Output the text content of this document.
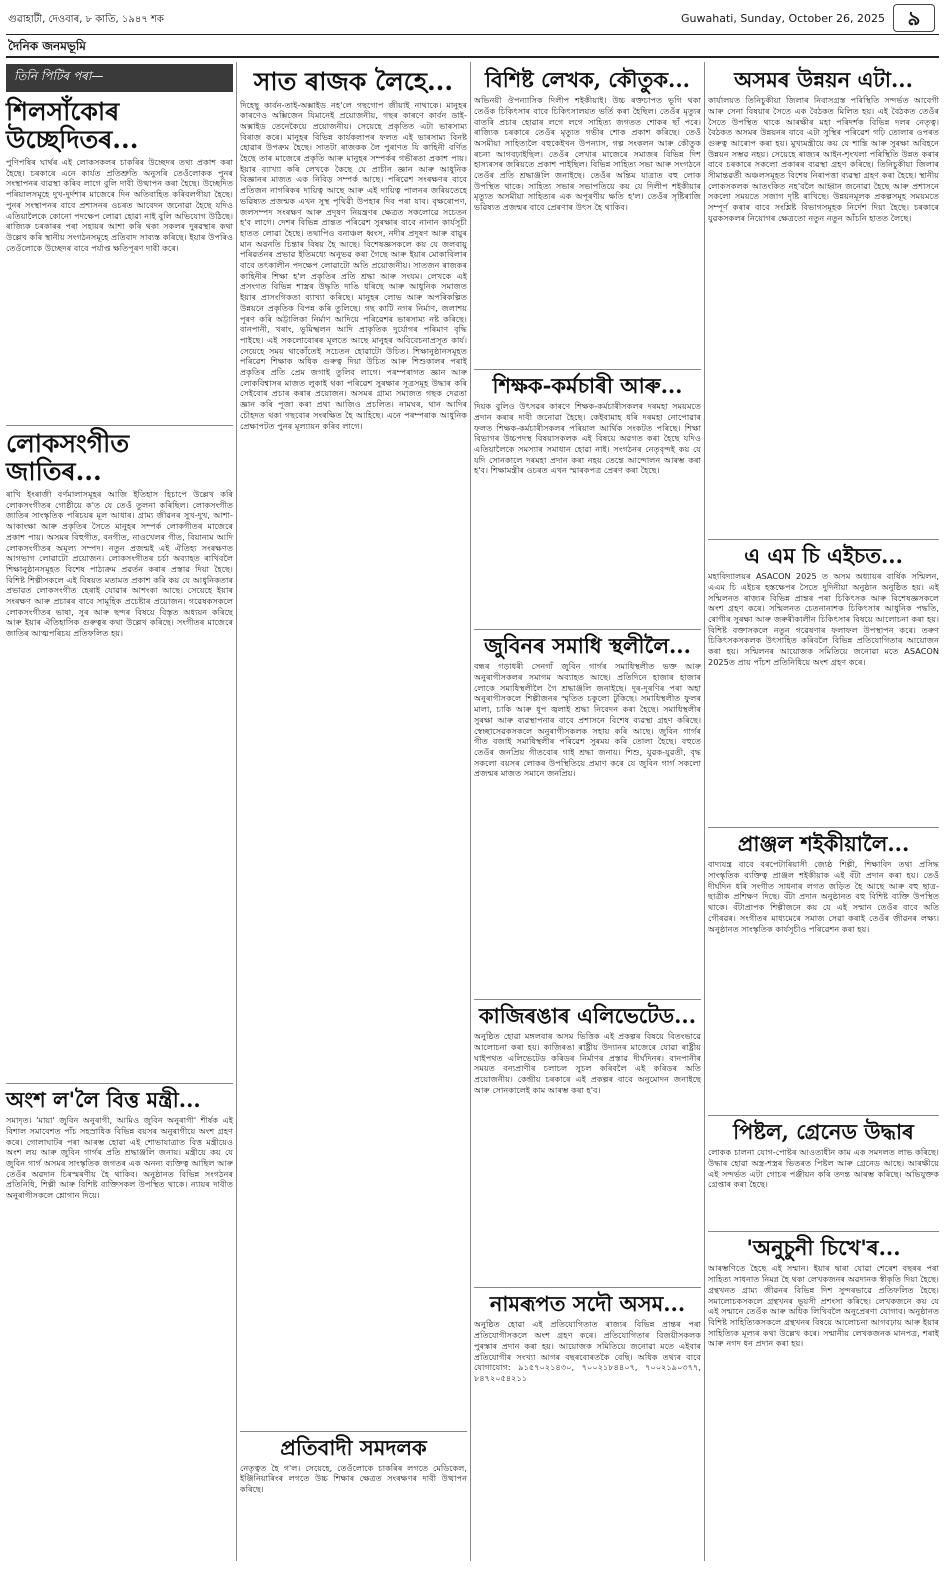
গুৱাহাটী, দেওবাৰ, ৮ কাতি, ১৯৪৭ শক	Guwahati, Sunday, October 26, 2025	৯
দৈনিক জনমভূমি
তিনি পিটিৰ পৰা—
শিলসাঁকোৰ উচ্ছেদিতৰ...

পুণিপষিৰ ঘাৰ্থৰ এই লোকসকলৰ চাকৰিৰ উচ্ছেদৰ তথ্য প্ৰকাশ কৰা হৈছে। চৰকাৰে এনে কাৰ্যত প্ৰতিশ্ৰুতি অনুসৰি তেওঁলোকক পুনৰ সংস্থাপনৰ ব্যৱস্থা কৰিব লাগে বুলি দাবী উত্থাপন কৰা হৈছে। উচ্ছেদিত পৰিয়ালসমূহে দুখ-দুৰ্দশাৰ মাজেৰে দিন অতিবাহিত কৰিবলগীয়া হৈছে। পুনৰ সংস্থাপনৰ বাবে প্ৰশাসনৰ ওচৰত আবেদন জনোৱা হৈছে যদিও এতিয়ালৈকে কোনো পদক্ষেপ লোৱা হোৱা নাই বুলি অভিযোগ উঠিছে। ৰাজ্যিক চৰকাৰৰ পৰা সহায়ৰ আশা কৰি থকা সকলৰ দুৰৱস্থাৰ কথা উল্লেখ কৰি স্থানীয় সংগঠনসমূহে প্ৰতিবাদ সাব্যস্ত কৰিছে। ইয়াৰ উপৰিও তেওঁলোকে উচ্ছেদৰ বাবে পৰ্যাপ্ত ক্ষতিপূৰণ দাবী কৰে।

লোকসংগীত জাতিৰ...

ৰাখি ইংৰাজী বৰ্ণমালাসমূহৰ আজি ইতিহাস হিচাপে উল্লেখ কৰি লোকসংগীতৰ গোষ্ঠীয়ে ক'ত যে তেওঁ তুলনা কৰিছিল। লোকসংগীত জাতিৰ সাংস্কৃতিক পৰিচয়ৰ মূল আধাৰ। গ্ৰাম্য জীৱনৰ সুখ-দুখ, আশা-আকাংক্ষা আৰু প্ৰকৃতিৰ সৈতে মানুহৰ সম্পৰ্ক লোকগীতৰ মাজেৰে প্ৰকাশ পায়। অসমৰ বিহুগীত, বনগীত, নাওখেলৰ গীত, বিয়ানাম আদি লোকসংগীতৰ অমূল্য সম্পদ। নতুন প্ৰজন্মই এই ঐতিহ্য সংৰক্ষণত আগভাগ লোৱাটো প্ৰয়োজন। লোকসংগীতৰ চৰ্চা অব্যাহত ৰাখিবলৈ শিক্ষানুষ্ঠানসমূহত বিশেষ পাঠ্যক্ৰম প্ৰৱৰ্তন কৰাৰ প্ৰস্তাৱ দিয়া হৈছে। বিশিষ্ট শিল্পীসকলে এই বিষয়ত মতামত প্ৰকাশ কৰি কয় যে আধুনিকতাৰ প্ৰভাৱত লোকসংগীত হেৰাই যোৱাৰ আশংকা আছে। সেয়েহে ইয়াৰ সংৰক্ষণ আৰু প্ৰচাৰৰ বাবে সামূহিক প্ৰচেষ্টাৰ প্ৰয়োজন। গৱেষকসকলে লোকসংগীতৰ ভাষা, সুৰ আৰু ছন্দৰ বিষয়ে বিস্তৃত অধ্যয়ন কৰিছে আৰু ইয়াৰ ঐতিহাসিক গুৰুত্বৰ কথা উল্লেখ কৰিছে। সংগীতৰ মাজেৰে জাতিৰ আত্মপৰিচয় প্ৰতিফলিত হয়।

অংশ ল'লৈ বিত্ত মন্ত্ৰী...

সমাদৃত। 'মায়া' জুবিন অনুৰাগী, আমিও জুবিন অনুৰাগী' শীৰ্ষক এই বিশাল সমাবেশত পাঁচ সহস্ৰাধিক বিভিন্ন বয়সৰ অনুৰাগীয়ে অংশ গ্ৰহণ কৰে। গোলাঘাটৰ পৰা আৰম্ভ হোৱা এই শোভাযাত্ৰাত বিত্ত মন্ত্ৰীয়েও অংশ লয় আৰু জুবিন গাৰ্গৰ প্ৰতি শ্ৰদ্ধাঞ্জলি জনায়। মন্ত্ৰীয়ে কয় যে জুবিন গাৰ্গ অসমৰ সাংস্কৃতিক জগতৰ এক অনন্য ব্যক্তিত্ব আছিল আৰু তেওঁৰ অৱদান চিৰস্মৰণীয় হৈ থাকিব। অনুষ্ঠানত বিভিন্ন সংগঠনৰ প্ৰতিনিধি, শিল্পী আৰু বিশিষ্ট ব্যক্তিসকল উপস্থিত থাকে। ন্যায়ৰ দাবীত অনুৰাগীসকলে শ্লোগান দিয়ে।

সাত ৰাজক লৈহে...

দিহেছু কাৰ্বন-তাই-অক্সাইড নহ'লে গছগোপ জীয়াই নাথাকে। মানুহৰ কাৰণেও অক্সিজেন যিমানেই প্ৰয়োজনীয়, গছৰ কাৰণে কাৰ্বন ডাই-অক্সাইড তেনেকৈয়ে প্ৰয়োজনীয়। সেয়েহে প্ৰকৃতিত এটা ভাৰসাম্য বিৰাজ কৰে। মানুহৰ বিভিন্ন কাৰ্যকলাপৰ ফলত এই ভাৰসাম্য বিনষ্ট হোৱাৰ উপক্ৰম হৈছে। সাতটা ৰাজকক লৈ পুৰাণত যি কাহিনী বৰ্ণিত হৈছে তাৰ মাজেৰে প্ৰকৃতি আৰু মানুহৰ সম্পৰ্কৰ গভীৰতা প্ৰকাশ পায়। ইয়াৰ ব্যাখ্যা কৰি লেখকে কৈছে যে প্ৰাচীন জ্ঞান আৰু আধুনিক বিজ্ঞানৰ মাজত এক নিবিড় সম্পৰ্ক আছে। পৰিৱেশ সংৰক্ষণৰ বাবে প্ৰতিজন নাগৰিকৰ দায়িত্ব আছে আৰু এই দায়িত্ব পালনৰ জৰিয়তেহে ভৱিষ্যত প্ৰজন্মক এখন সুস্থ পৃথিৱী উপহাৰ দিব পৰা যাব। বৃক্ষৰোপণ, জলসম্পদ সংৰক্ষণ আৰু প্ৰদূষণ নিয়ন্ত্ৰণৰ ক্ষেত্ৰত সকলোৱে সচেতন হ'ব লাগে। দেশৰ বিভিন্ন প্ৰান্তত পৰিৱেশ সুৰক্ষাৰ বাবে নানান কাৰ্যসূচী হাতত লোৱা হৈছে। তথাপিও বনাঞ্চল ধ্বংস, নদীৰ প্ৰদূষণ আৰু বায়ুৰ মান অৱনতি চিন্তাৰ বিষয় হৈ আছে। বিশেষজ্ঞসকলে কয় যে জলবায়ু পৰিৱৰ্তনৰ প্ৰভাৱ ইতিমধ্যে অনুভৱ কৰা গৈছে আৰু ইয়াৰ মোকাবিলাৰ বাবে তৎকালীন পদক্ষেপ লোৱাটো অতি প্ৰয়োজনীয়। সাতজন ৰাজকৰ কাহিনীৰ শিক্ষা হ'ল প্ৰকৃতিৰ প্ৰতি শ্ৰদ্ধা আৰু সংযম। লেখকে এই প্ৰসংগত বিভিন্ন শাস্ত্ৰৰ উদ্ধৃতি দাঙি ধৰিছে আৰু আধুনিক সমাজত ইয়াৰ প্ৰাসংগিকতা ব্যাখ্যা কৰিছে। মানুহৰ লোভ আৰু অপৰিকল্পিত উন্নয়নে প্ৰকৃতিক বিপন্ন কৰি তুলিছে। গছ কাটি নগৰ নিৰ্মাণ, জলাশয় পূৰণ কৰি অট্টালিকা নিৰ্মাণ আদিয়ে পৰিৱেশৰ ভাৰসাম্য নষ্ট কৰিছে। বানপানী, খৰাং, ভূমিস্খলন আদি প্ৰাকৃতিক দুৰ্যোগৰ পৰিমাণ বৃদ্ধি পাইছে। এই সকলোবোৰৰ মূলতে আছে মানুহৰ অবিবেচনাপ্ৰসূত কাৰ্য। সেয়েহে সময় থাকোঁতেই সচেতন হোৱাটো উচিত। শিক্ষানুষ্ঠানসমূহত পৰিৱেশ শিক্ষাক অধিক গুৰুত্ব দিয়া উচিত আৰু শিশুকালৰ পৰাই প্ৰকৃতিৰ প্ৰতি প্ৰেম জগাই তুলিব লাগে। পৰম্পৰাগত জ্ঞান আৰু লোকবিশ্বাসৰ মাজত লুকাই থকা পৰিৱেশ সুৰক্ষাৰ সূত্ৰসমূহ উদ্ধাৰ কৰি সেইবোৰ প্ৰচাৰ কৰাৰ প্ৰয়োজন। অসমৰ গ্ৰাম্য সমাজত গছক দেৱতা জ্ঞান কৰি পূজা কৰা প্ৰথা আজিও প্ৰচলিত। নামঘৰ, থান আদিৰ চৌহদত থকা গছবোৰ সংৰক্ষিত হৈ আহিছে। এনে পৰম্পৰাক আধুনিক প্ৰেক্ষাপটত পুনৰ মূল্যায়ন কৰিব লাগে।

প্ৰতিবাদী সমদলক

নেতৃত্বত হৈ গ'ল। সেয়েহে, তেওঁলোকে চাকৰিৰ লগতে মেডিকেল, ইঞ্জিনিয়াৰিংৰ লগতে উচ্চ শিক্ষাৰ ক্ষেত্ৰত সংৰক্ষণৰ দাবী উত্থাপন কৰিছে।

বিশিষ্ট লেখক, কৌতুক...

অভিনয়ী ঔপন্যাসিক দিলীপ শইকীয়াই। উচ্চ ৰক্তচাপত ভূগি থকা তেওঁক চিকিৎসাৰ বাবে চিকিৎসালয়ত ভৰ্তি কৰা হৈছিল। তেওঁৰ মৃত্যুৰ বাতৰি প্ৰচাৰ হোৱাৰ লগে লগে সাহিত্য জগতত শোকৰ ছাঁ পৰে। ৰাজ্যিক চৰকাৰে তেওঁৰ মৃত্যুত গভীৰ শোক প্ৰকাশ কৰিছে। তেওঁ অসমীয়া সাহিত্যলৈ বহুকেইখন উপন্যাস, গল্প সংকলন আৰু কৌতুক ৰচনা আগবঢ়াইছিল। তেওঁৰ লেখাৰ মাজেৰে সমাজৰ বিভিন্ন দিশ হাস্যৰসৰ জৰিয়তে প্ৰকাশ পাইছিল। বিভিন্ন সাহিত্য সভা আৰু সংগঠনে তেওঁৰ প্ৰতি শ্ৰদ্ধাঞ্জলি জনাইছে। তেওঁৰ অন্তিম যাত্ৰাত বহু লোক উপস্থিত থাকে। সাহিত্য সভাৰ সভাপতিয়ে কয় যে দিলীপ শইকীয়াৰ মৃত্যুত অসমীয়া সাহিত্যৰ এক অপূৰণীয় ক্ষতি হ'ল। তেওঁৰ সৃষ্টিৰাজি ভৱিষ্যত প্ৰজন্মৰ বাবে প্ৰেৰণাৰ উৎস হৈ থাকিব।

শিক্ষক-কৰ্মচাৰী আৰু...

দিয়ক বুলিও উৎসৱৰ কাৰণে শিক্ষক-কৰ্মচাৰীসকলৰ দৰমহা সময়মতে প্ৰদান কৰাৰ দাবী জনোৱা হৈছে। কেইবামাহ ধৰি দৰমহা নোপোৱাৰ ফলত শিক্ষক-কৰ্মচাৰীসকলৰ পৰিয়াল আৰ্থিক সংকটত পৰিছে। শিক্ষা বিভাগৰ উচ্চপদস্থ বিষয়াসকলক এই বিষয়ে অৱগত কৰা হৈছে যদিও এতিয়ালৈকে সমস্যাৰ সমাধান হোৱা নাই। সংগঠনৰ নেতৃবৃন্দই কয় যে যদি সোনকালে দৰমহা প্ৰদান কৰা নহয় তেন্তে আন্দোলন আৰম্ভ কৰা হ'ব। শিক্ষামন্ত্ৰীৰ ওচৰত এখন স্মাৰকপত্ৰ প্ৰেৰণ কৰা হৈছে।

জুবিনৰ সমাধি স্থলীলৈ...

বন্ধৰ গড়াধৰী সেনগাঁ জুবিন গাৰ্গৰ সমাধিস্থলীত ভক্ত আৰু অনুৰাগীসকলৰ সমাগম অব্যাহত আছে। প্ৰতিদিনে হাজাৰ হাজাৰ লোকে সমাধিস্থলীলৈ গৈ শ্ৰদ্ধাঞ্জলি জনাইছে। দূৰ-দূৰণিৰ পৰা অহা অনুৰাগীসকলে শিল্পীজনৰ স্মৃতিত চকুলো টুকিছে। সমাধিস্থলীত ফুলৰ মালা, চাকি আৰু ধূপ জ্বলাই শ্ৰদ্ধা নিবেদন কৰা হৈছে। সমাধিস্থলীৰ সুৰক্ষা আৰু ব্যৱস্থাপনাৰ বাবে প্ৰশাসনে বিশেষ ব্যৱস্থা গ্ৰহণ কৰিছে। স্বেচ্ছাসেৱকসকলে অনুৰাগীসকলক সহায় কৰি আছে। জুবিন গাৰ্গৰ গীত বজাই সমাধিস্থলীৰ পৰিৱেশ সুৰময় কৰি তোলা হৈছে। বহুতে তেওঁৰ জনপ্ৰিয় গীতবোৰ গাই শ্ৰদ্ধা জনায়। শিশু, যুৱক-যুৱতী, বৃদ্ধ সকলো বয়সৰ লোকৰ উপস্থিতিয়ে প্ৰমাণ কৰে যে জুবিন গাৰ্গ সকলো প্ৰজন্মৰ মাজত সমানে জনপ্ৰিয়।

কাজিৰঙাৰ এলিভেটেড...

অনুষ্ঠিত হোৱা মঙ্গলবাৰ অসম ভিত্তিক এই প্ৰকল্পৰ বিষয়ে বিতংভাৱে আলোচনা কৰা হয়। কাজিৰঙা ৰাষ্ট্ৰীয় উদ্যানৰ মাজেৰে যোৱা ৰাষ্ট্ৰীয় ঘাইপথত এলিভেটেড কৰিডৰ নিৰ্মাণৰ প্ৰস্তাৱ দীৰ্ঘদিনৰ। বানপানীৰ সময়ত বন্যপ্ৰাণীৰ চলাচল সুচল কৰিবলৈ এই কৰিডৰ অতি প্ৰয়োজনীয়। কেন্দ্ৰীয় চৰকাৰে এই প্ৰকল্পৰ বাবে অনুমোদন জনাইছে আৰু সোনকালেই কাম আৰম্ভ কৰা হ'ব।

নামৰূপত সদৌ অসম...

অনুষ্ঠিত হোৱা এই প্ৰতিযোগিতাত ৰাজ্যৰ বিভিন্ন প্ৰান্তৰ পৰা প্ৰতিযোগীসকলে অংশ গ্ৰহণ কৰে। প্ৰতিযোগিতাৰ বিজয়ীসকলক পুৰস্কাৰ প্ৰদান কৰা হয়। আয়োজক সমিতিয়ে জনোৱা মতে এইবাৰ প্ৰতিযোগীৰ সংখ্যা আগৰ বছৰবোৰতকৈ বেছি। অধিক তথ্যৰ বাবে যোগাযোগ: ৯১৫৭০২১৪৩০, ৭০০২১৮৪৪০৭, ৭০০২১৯০৩৭৭, ৮৪৭২০৫৪২১১

অসমৰ উন্নয়ন এটা...

কাৰ্যালয়ত তিনিচুকীয়া জিলাৰ নিবাসগ্ৰস্ত পৰিস্থিতি সন্দৰ্ভত আবেগী আৰু সেনা বিষয়াৰ সৈতে এক বৈঠকত মিলিত হয়। এই বৈঠকত তেওঁৰ সৈতে উপস্থিত থাকে আৰক্ষীৰ মহা পৰিদৰ্শক বিভিন্ন দলৰ নেতৃত্ব। বৈঠকত অসমৰ উন্নয়নৰ বাবে এটা সুস্থিৰ পৰিৱেশ গঢ়ি তোলাৰ ওপৰত গুৰুত্ব আৰোপ কৰা হয়। মুখ্যমন্ত্ৰীয়ে কয় যে শান্তি আৰু সুৰক্ষা অবিহনে উন্নয়ন সম্ভৱ নহয়। সেয়েহে ৰাজ্যৰ আইন-শৃংখলা পৰিস্থিতি উন্নত কৰাৰ বাবে চৰকাৰে সকলো প্ৰকাৰৰ ব্যৱস্থা গ্ৰহণ কৰিছে। তিনিচুকীয়া জিলাৰ সীমান্তৱৰ্তী অঞ্চলসমূহত বিশেষ নিৰাপত্তা ব্যৱস্থা গ্ৰহণ কৰা হৈছে। স্থানীয় লোকসকলক আতংকিত নহ'বলৈ আহ্বান জনোৱা হৈছে আৰু প্ৰশাসনে সকলো সময়তে সজাগ দৃষ্টি ৰাখিছে। উন্নয়নমূলক প্ৰকল্পসমূহ সময়মতে সম্পূৰ্ণ কৰাৰ বাবে সংশ্লিষ্ট বিভাগসমূহক নিৰ্দেশ দিয়া হৈছে। চৰকাৰে যুৱকসকলৰ নিয়োগৰ ক্ষেত্ৰতো নতুন নতুন আঁচনি হাতত লৈছে।

এ এম চি এইচত...

মহাবিদ্যালয়ৰ ASACON 2025 ত অসম অধ্যায়ৰ বাৰ্ষিক সন্মিলন, এএম চি এইচৰ হস্তক্ষেপৰ সৈতে দুদিনীয়া অনুষ্ঠান অনুষ্ঠিত হয়। এই সন্মিলনত ৰাজ্যৰ বিভিন্ন প্ৰান্তৰ পৰা চিকিৎসক আৰু বিশেষজ্ঞসকলে অংশ গ্ৰহণ কৰে। সন্মিলনত চেতনানাশক চিকিৎসাৰ আধুনিক পদ্ধতি, ৰোগীৰ সুৰক্ষা আৰু জৰুৰীকালীন চিকিৎসাৰ বিষয়ে আলোচনা কৰা হয়। বিশিষ্ট বক্তাসকলে নতুন গৱেষণাৰ ফলাফল উপস্থাপন কৰে। তৰুণ চিকিৎসকসকলক উৎসাহিত কৰিবলৈ বিভিন্ন প্ৰতিযোগিতাৰ আয়োজন কৰা হয়। সন্মিলনৰ আয়োজক সমিতিয়ে জনোৱা মতে ASACON 2025ত প্ৰায় পাঁচশ প্ৰতিনিধিয়ে অংশ গ্ৰহণ কৰে।

প্ৰাঞ্জল শইকীয়ালৈ...

বাদ্যযন্ত্ৰ বাবে বৰপেটাৰিয়াসী জ্যেষ্ঠ শিল্পী, শিক্ষাবিদ তথা প্ৰসিদ্ধ সাংস্কৃতিক ব্যক্তিত্ব প্ৰাঞ্জল শইকীয়াক এই বঁটা প্ৰদান কৰা হয়। তেওঁ দীৰ্ঘদিন ধৰি সংগীত সাধনাৰ লগত জড়িত হৈ আছে আৰু বহু ছাত্ৰ-ছাত্ৰীক প্ৰশিক্ষণ দিছে। বঁটা প্ৰদান অনুষ্ঠানত বহু বিশিষ্ট ব্যক্তি উপস্থিত থাকে। বঁটাপ্ৰাপক শিল্পীজনে কয় যে এই সন্মান তেওঁৰ বাবে অতি গৌৰৱৰ। সংগীতৰ মাধ্যমেৰে সমাজ সেৱা কৰাই তেওঁৰ জীৱনৰ লক্ষ্য। অনুষ্ঠানত সাংস্কৃতিক কাৰ্যসূচীও পৰিৱেশন কৰা হয়।

পিষ্টল, গ্ৰেনেড উদ্ধাৰ

লোকক চালনা যোগ-পোষ্টৰ আওতাধীন কাম এক সমদলত লাভ কৰিছে। উদ্ধাৰ হোৱা অস্ত্ৰ-শস্ত্ৰৰ ভিতৰত পিষ্টল আৰু গ্ৰেনেড আছে। আৰক্ষীয়ে এই সন্দৰ্ভত এটা গোচৰ পঞ্জীয়ন কৰি তদন্ত আৰম্ভ কৰিছে। অভিযুক্তক গ্ৰেপ্তাৰ কৰা হৈছে।

'অনুচুনী চিখে'ৰ...

আৰম্ভণিতে হৈছে এই সম্মান। ইয়াৰ দ্বাৰা যোৱা শেৰেশ বছৰৰ পৰা সাহিত্য সাধনাত নিমগ্ন হৈ থকা লেখকজনৰ অৱদানক স্বীকৃতি দিয়া হৈছে। গ্ৰন্থখনত গ্ৰাম্য জীৱনৰ বিভিন্ন দিশ সুন্দৰভাৱে প্ৰতিফলিত হৈছে। সমালোচকসকলে গ্ৰন্থখনৰ ভূয়সী প্ৰশংসা কৰিছে। লেখকজনে কয় যে এই সন্মানে তেওঁক আৰু অধিক লিখিবলৈ অনুপ্ৰেৰণা যোগাব। অনুষ্ঠানত বিশিষ্ট সাহিত্যিকসকলে গ্ৰন্থখনৰ বিষয়ে আলোচনা আগবঢ়ায় আৰু ইয়াৰ সাহিত্যিক মূল্যৰ কথা উল্লেখ কৰে। সন্মানীয় লেখকজনক মানপত্ৰ, শৰাই আৰু নগদ ধন প্ৰদান কৰা হয়।
